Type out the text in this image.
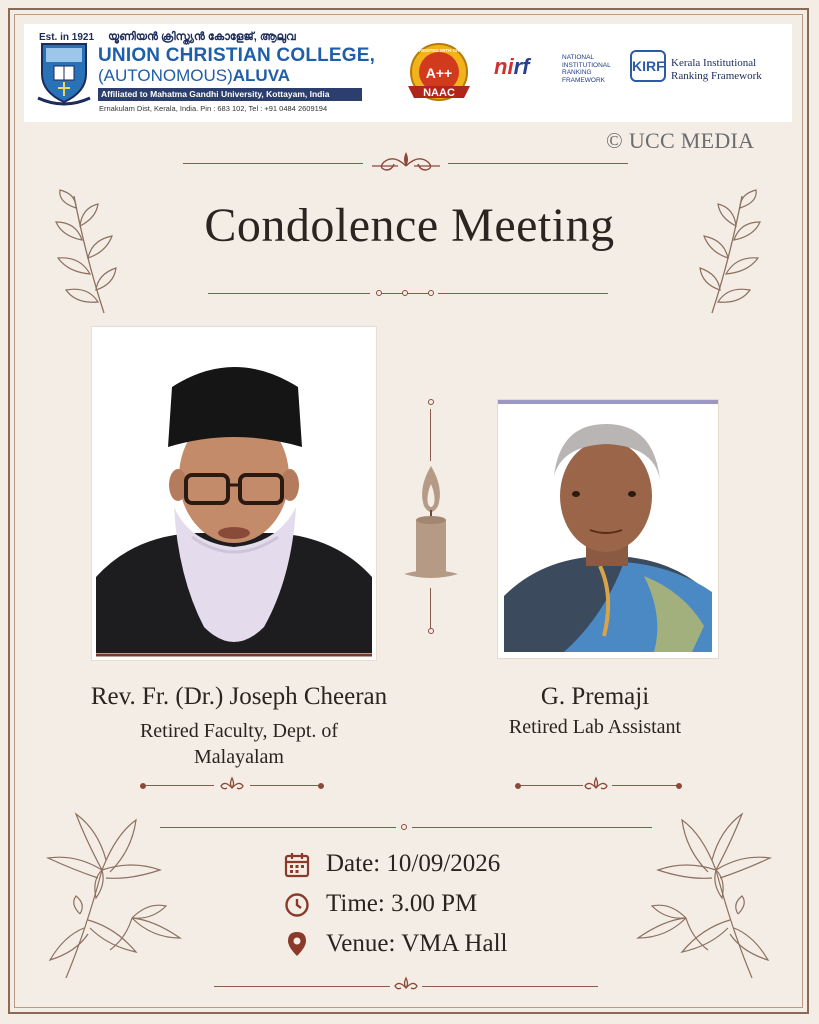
Est. in 1921 യൂണിയൻ ക്രിസ്ത്യൻ കോളേജ്, ആലുവ
UNION CHRISTIAN COLLEGE,
(AUTONOMOUS)ALUVA
Affiliated to Mahatma Gandhi University, Kottayam, India
Ernakulam Dist, Kerala, India. Pin : 683 102, Tel : +91 0484 2609194
A++
NAAC
ACCREDITED WITH GRADE
nirf	NATIONAL
INSTITUTIONAL
RANKING
FRAMEWORK
KIRF Kerala Institutional
Ranking Framework
© UCC MEDIA
Condolence Meeting
Rev. Fr. (Dr.) Joseph Cheeran
Retired Faculty, Dept. of
Malayalam
G. Premaji
Retired Lab Assistant
Date: 10/09/2026
Time: 3.00 PM
Venue: VMA Hall
